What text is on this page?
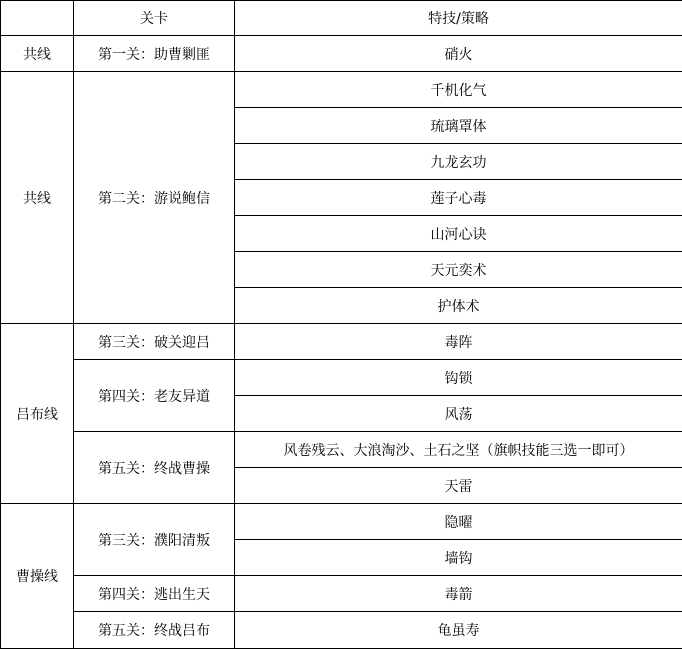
	关卡	特技/策略
共线	第一关：助曹剿匪	硝火
共线	第二关：游说鲍信	千机化气
		琉璃罩体
		九龙玄功
		莲子心毒
		山河心诀
		天元奕术
		护体术
吕布线	第三关：破关迎吕	毒阵
	第四关：老友异道	钩锁
		风荡
	第五关：终战曹操	风卷残云、大浪淘沙、土石之坚（旗帜技能三选一即可）
		天雷
曹操线	第三关：濮阳清叛	隐曜
		墙钩
	第四关：逃出生天	毒箭
	第五关：终战吕布	龟虽寿
